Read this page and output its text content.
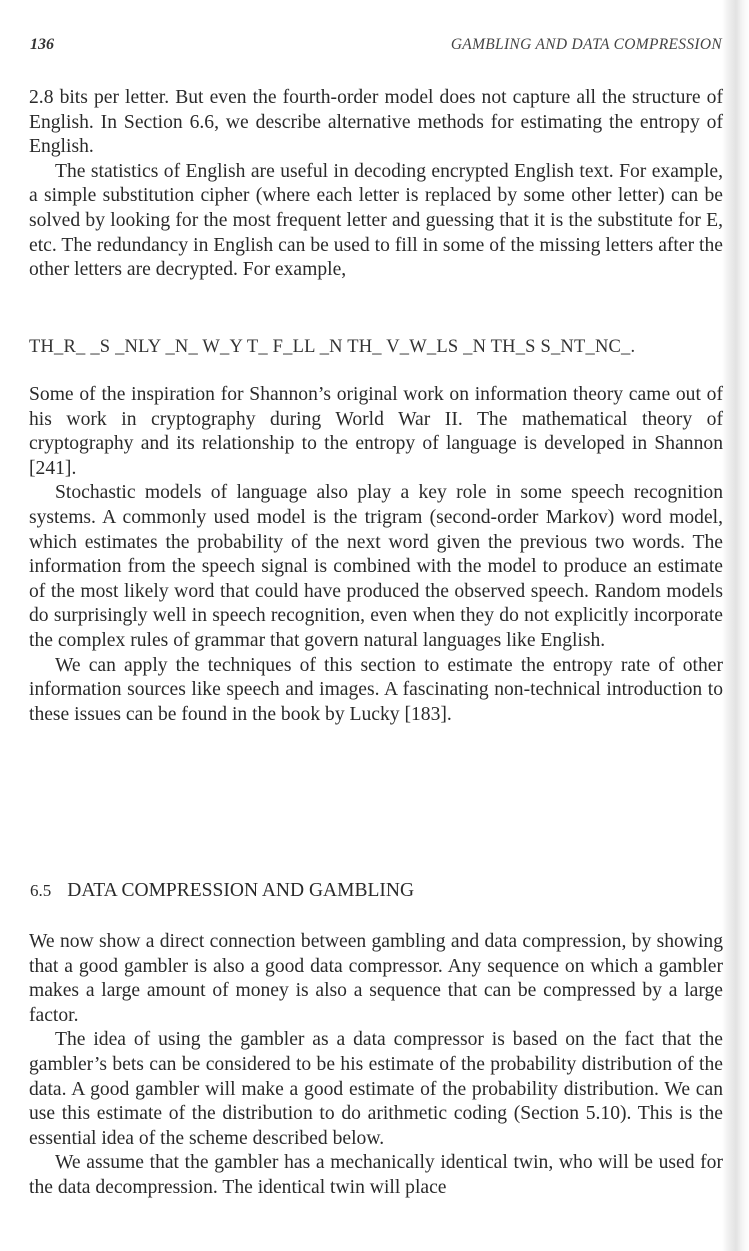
136	GAMBLING AND DATA COMPRESSION

2.8 bits per letter. But even the fourth-order model does not capture all the structure of English. In Section 6.6, we describe alternative methods for estimating the entropy of English.

The statistics of English are useful in decoding encrypted English text. For example, a simple substitution cipher (where each letter is replaced by some other letter) can be solved by looking for the most frequent letter and guessing that it is the substitute for E, etc. The redundancy in English can be used to fill in some of the missing letters after the other letters are decrypted. For example,

TH_R_ _S _NLY _N_ W_Y T_ F_LL _N TH_ V_W_LS _N TH_S S_NT_NC_.

Some of the inspiration for Shannon’s original work on information theory came out of his work in cryptography during World War II. The mathematical theory of cryptography and its relationship to the entropy of language is developed in Shannon [241].

Stochastic models of language also play a key role in some speech recognition systems. A commonly used model is the trigram (second-order Markov) word model, which estimates the probability of the next word given the previous two words. The information from the speech signal is combined with the model to produce an estimate of the most likely word that could have produced the observed speech. Random models do surprisingly well in speech recognition, even when they do not explicitly incorporate the complex rules of grammar that govern natural languages like English.

We can apply the techniques of this section to estimate the entropy rate of other information sources like speech and images. A fascinating non-technical introduction to these issues can be found in the book by Lucky [183].

6.5 DATA COMPRESSION AND GAMBLING

We now show a direct connection between gambling and data compression, by showing that a good gambler is also a good data compressor. Any sequence on which a gambler makes a large amount of money is also a sequence that can be compressed by a large factor.

The idea of using the gambler as a data compressor is based on the fact that the gambler’s bets can be considered to be his estimate of the probability distribution of the data. A good gambler will make a good estimate of the probability distribution. We can use this estimate of the distribution to do arithmetic coding (Section 5.10). This is the essential idea of the scheme described below.

We assume that the gambler has a mechanically identical twin, who will be used for the data decompression. The identical twin will place
